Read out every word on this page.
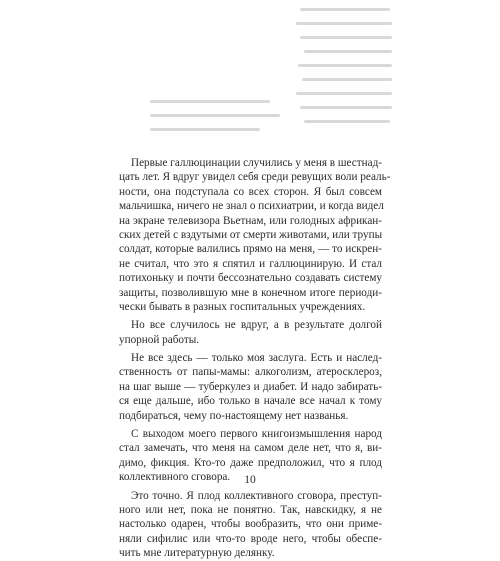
Первые галлюцинации случились у меня в шестнад-
цать лет. Я вдруг увидел себя среди ревущих воли реаль-
ности, она подступала со всех сторон. Я был совсем
мальчишка, ничего не знал о психиатрии, и когда видел
на экране телевизора Вьетнам, или голодных африкан-
ских детей с вздутыми от смерти животами, или трупы
солдат, которые валились прямо на меня, — то искрен-
не считал, что это я спятил и галлюцинирую. И стал
потихоньку и почти бессознательно создавать систему
защиты, позволившую мне в конечном итоге периоди-
чески бывать в разных госпитальных учреждениях.
Но все случилось не вдруг, а в результате долгой
упорной работы.
Не все здесь — только моя заслуга. Есть и наслед-
ственность от папы-мамы: алкоголизм, атеросклероз,
на шаг выше — туберкулез и диабет. И надо забирать-
ся еще дальше, ибо только в начале все начал к тому
подбираться, чему по-настоящему нет названья.
С выходом моего первого книгоизмышления народ
стал замечать, что меня на самом деле нет, что я, ви-
димо, фикция. Кто-то даже предположил, что я плод
коллективного сговора.
Это точно. Я плод коллективного сговора, преступ-
ного или нет, пока не понятно. Так, навскидку, я не
настолько одарен, чтобы вообразить, что они приме-
няли сифилис или что-то вроде него, чтобы обеспе-
чить мне литературную делянку.
10
